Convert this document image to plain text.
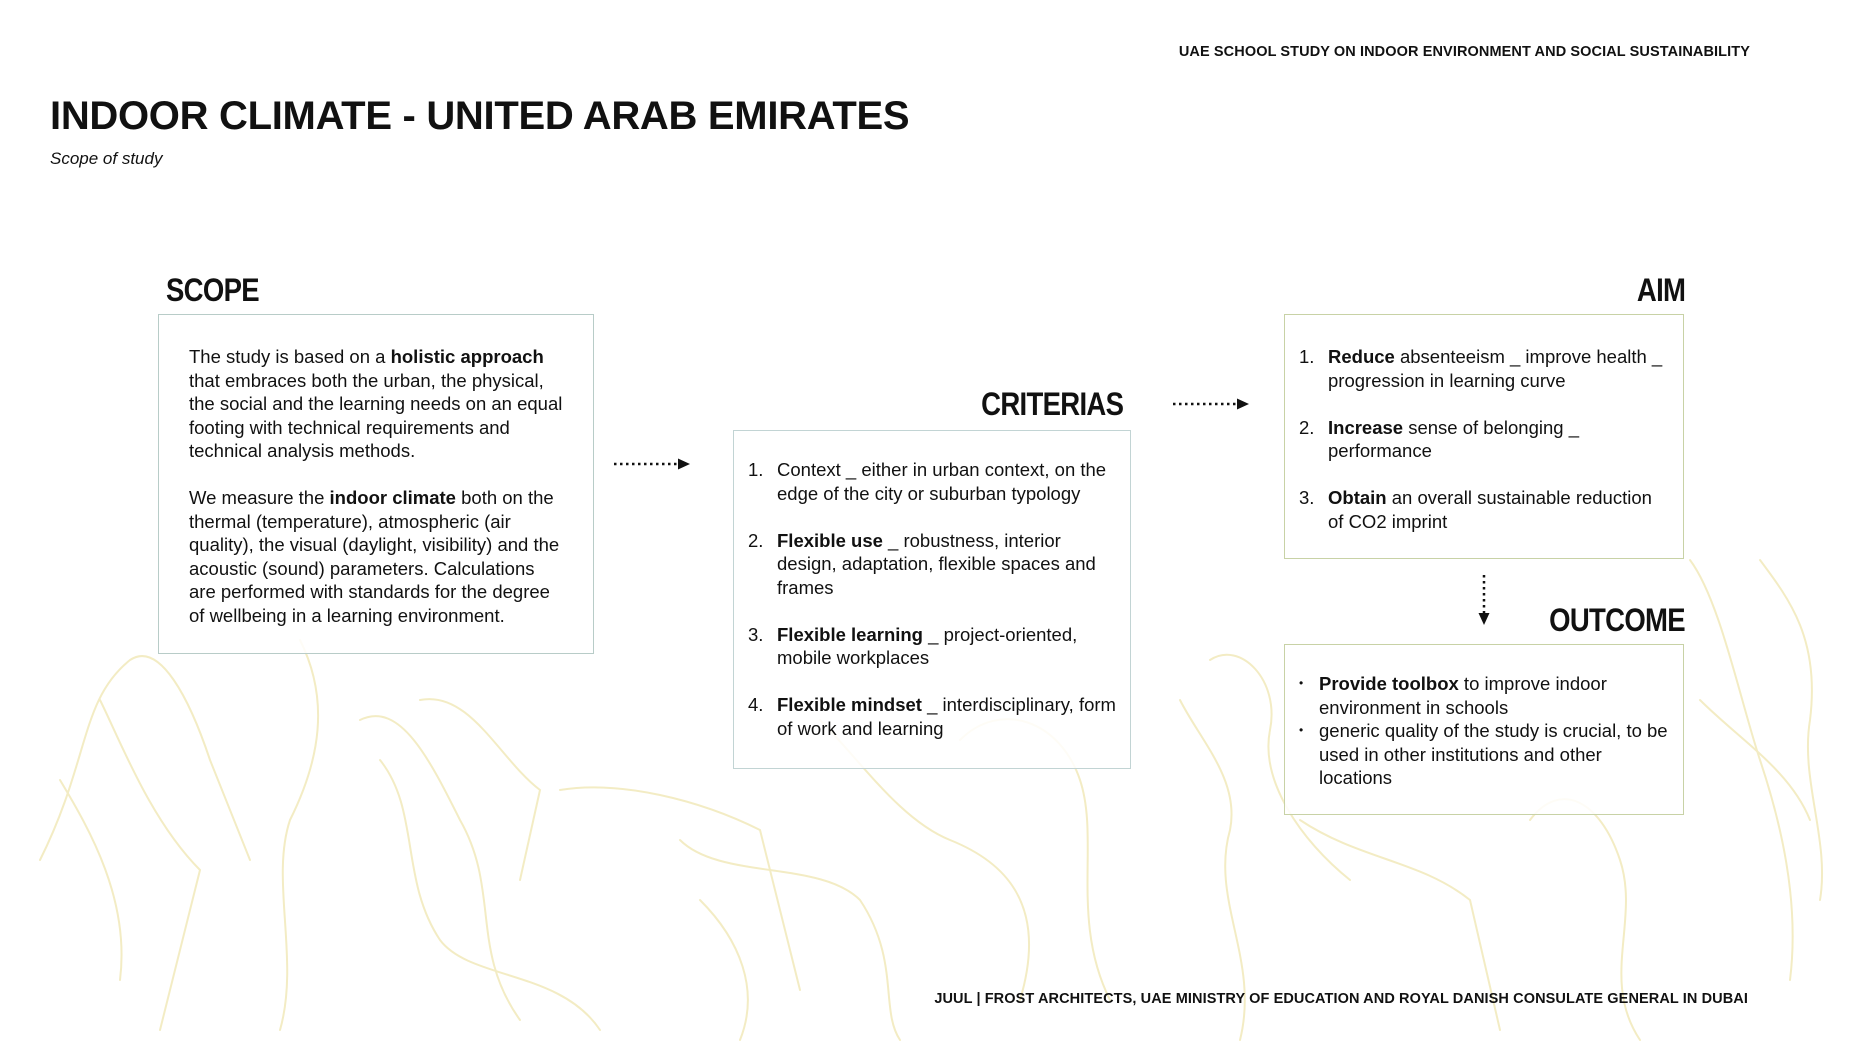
UAE SCHOOL STUDY ON INDOOR ENVIRONMENT AND SOCIAL SUSTAINABILITY
INDOOR CLIMATE - UNITED ARAB EMIRATES
Scope of study
SCOPE

The study is based on a holistic approach that embraces both the urban, the physical, the social and the learning needs on an equal footing with technical requirements and technical analysis methods.

We measure the indoor climate both on the thermal (temperature), atmospheric (air quality), the visual (daylight, visibility) and the acoustic (sound) parameters. Calculations are performed with standards for the degree of wellbeing in a learning environment.

CRITERIAS
1. Context _ either in urban context, on the edge of the city or suburban typology
2. Flexible use _ robustness, interior design, adaptation, flexible spaces and frames
3. Flexible learning _ project-oriented, mobile workplaces
4. Flexible mindset _ interdisciplinary, form of work and learning
AIM
1. Reduce absenteeism _ improve health _ progression in learning curve
2. Increase sense of belonging _ performance
3. Obtain an overall sustainable reduction of CO2 imprint
OUTCOME
• Provide toolbox to improve indoor environment in schools
• generic quality of the study is crucial, to be used in other institutions and other locations
JUUL | FROST ARCHITECTS, UAE MINISTRY OF EDUCATION AND ROYAL DANISH CONSULATE GENERAL IN DUBAI
